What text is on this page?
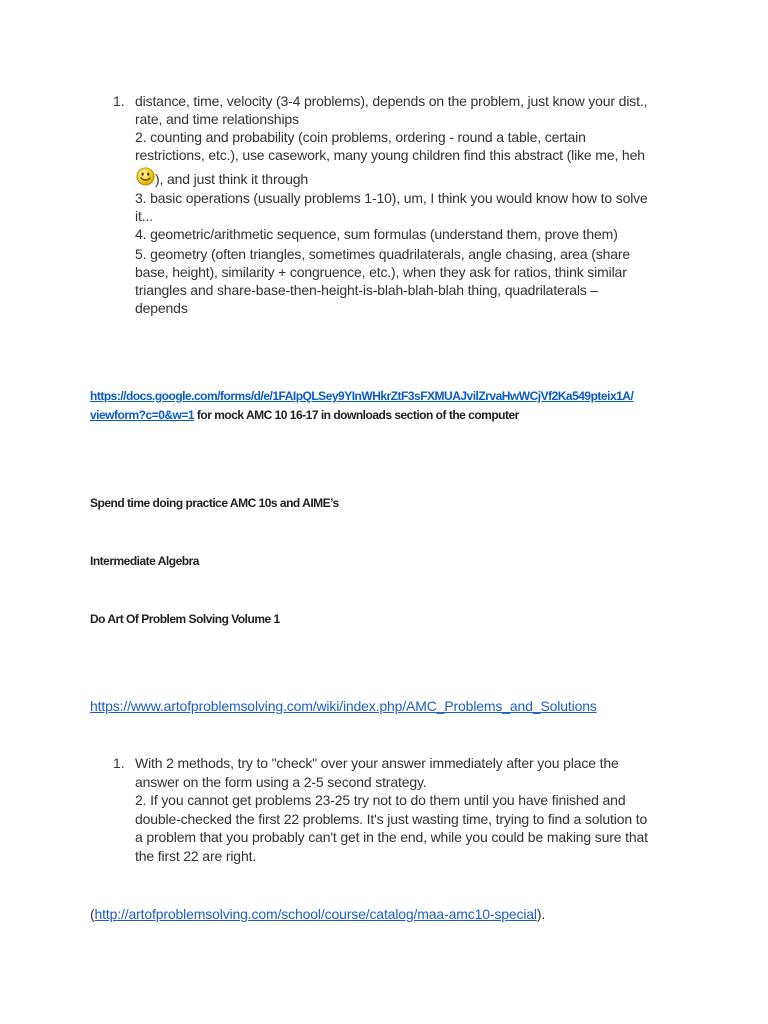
1. distance, time, velocity (3-4 problems), depends on the problem, just know your dist.,
rate, and time relationships
2. counting and probability (coin problems, ordering - round a table, certain
restrictions, etc.), use casework, many young children find this abstract (like me, heh
), and just think it through
3. basic operations (usually problems 1-10), um, I think you would know how to solve
it...
4. geometric/arithmetic sequence, sum formulas (understand them, prove them)
5. geometry (often triangles, sometimes quadrilaterals, angle chasing, area (share
base, height), similarity + congruence, etc.), when they ask for ratios, think similar
triangles and share-base-then-height-is-blah-blah-blah thing, quadrilaterals –
depends
https://docs.google.com/forms/d/e/1FAIpQLSey9YInWHkrZtF3sFXMUAJvilZrvaHwWCjVf2Ka549pteix1A/
viewform?c=0&w=1 for mock AMC 10 16-17 in downloads section of the computer
Spend time doing practice AMC 10s and AIME’s
Intermediate Algebra
Do Art Of Problem Solving Volume 1
https://www.artofproblemsolving.com/wiki/index.php/AMC_Problems_and_Solutions
1. With 2 methods, try to "check" over your answer immediately after you place the
answer on the form using a 2-5 second strategy.
2. If you cannot get problems 23-25 try not to do them until you have finished and
double-checked the first 22 problems. It's just wasting time, trying to find a solution to
a problem that you probably can't get in the end, while you could be making sure that
the first 22 are right.
(http://artofproblemsolving.com/school/course/catalog/maa-amc10-special).
